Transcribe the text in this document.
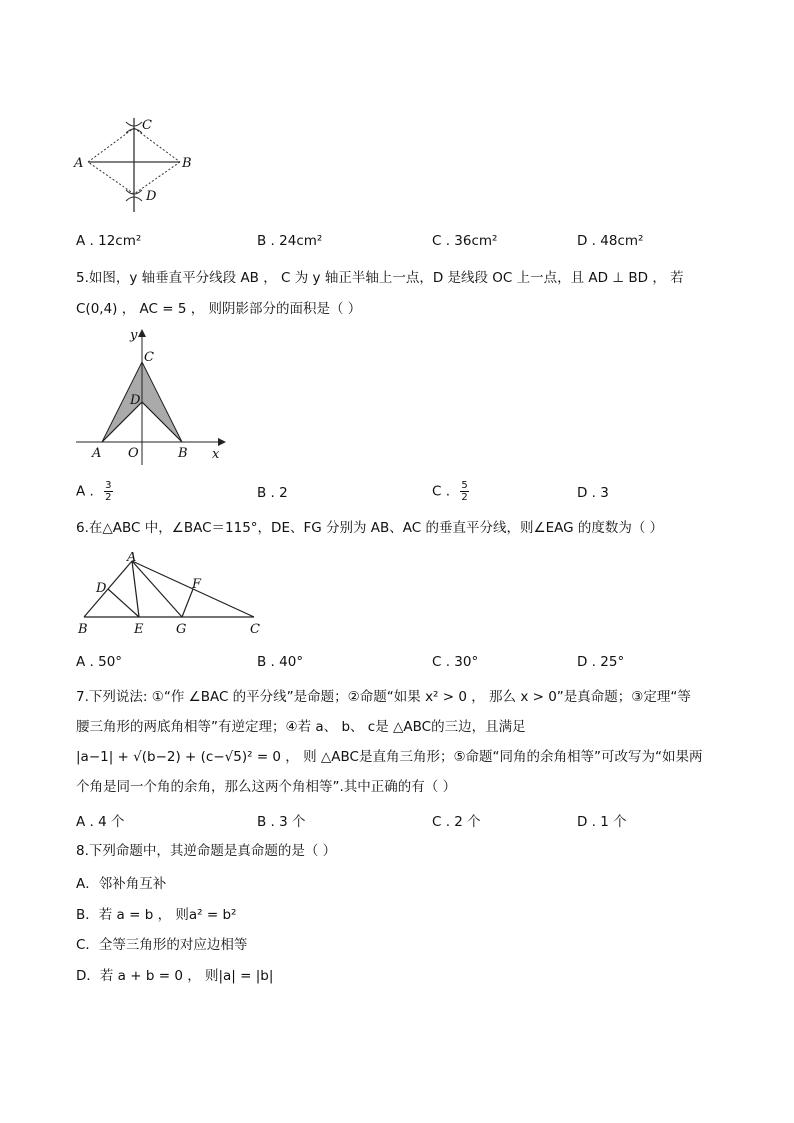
A	B
C
D
A . 12cm²	B . 24cm²	C . 36cm²	D . 48cm²
5.如图，y 轴垂直平分线段 AB ， C 为 y 轴正半轴上一点，D 是线段 OC 上一点，且 AD ⊥ BD ， 若
C(0,4) ， AC = 5 ， 则阴影部分的面积是（ ）
y
x
C
D
A O	B
A . $\frac{3}{2}$	B . 2	C . $\frac{5}{2}$	D . 3
6.在△ABC 中，∠BAC＝115°，DE、FG 分别为 AB、AC 的垂直平分线，则∠EAG 的度数为（ ）
A
D	F
B	E	G	C
A . 50°	B . 40°	C . 30°	D . 25°
7.下列说法: ①“作 ∠BAC 的平分线”是命题；②命题“如果 x² > 0 ， 那么 x > 0”是真命题；③定理“等
腰三角形的两底角相等”有逆定理；④若 a、 b、 c是 △ABC的三边，且满足
|a−1| + √(b−2) + (c−√5)² = 0 ， 则 △ABC是直角三角形；⑤命题“同角的余角相等”可改写为“如果两
个角是同一个角的余角，那么这两个角相等”.其中正确的有（ ）
A . 4 个	B . 3 个	C . 2 个	D . 1 个
8.下列命题中，其逆命题是真命题的是（ ）
A．邻补角互补
B．若 a = b ， 则a² = b²
C．全等三角形的对应边相等
D．若 a + b = 0 ， 则|a| = |b|
